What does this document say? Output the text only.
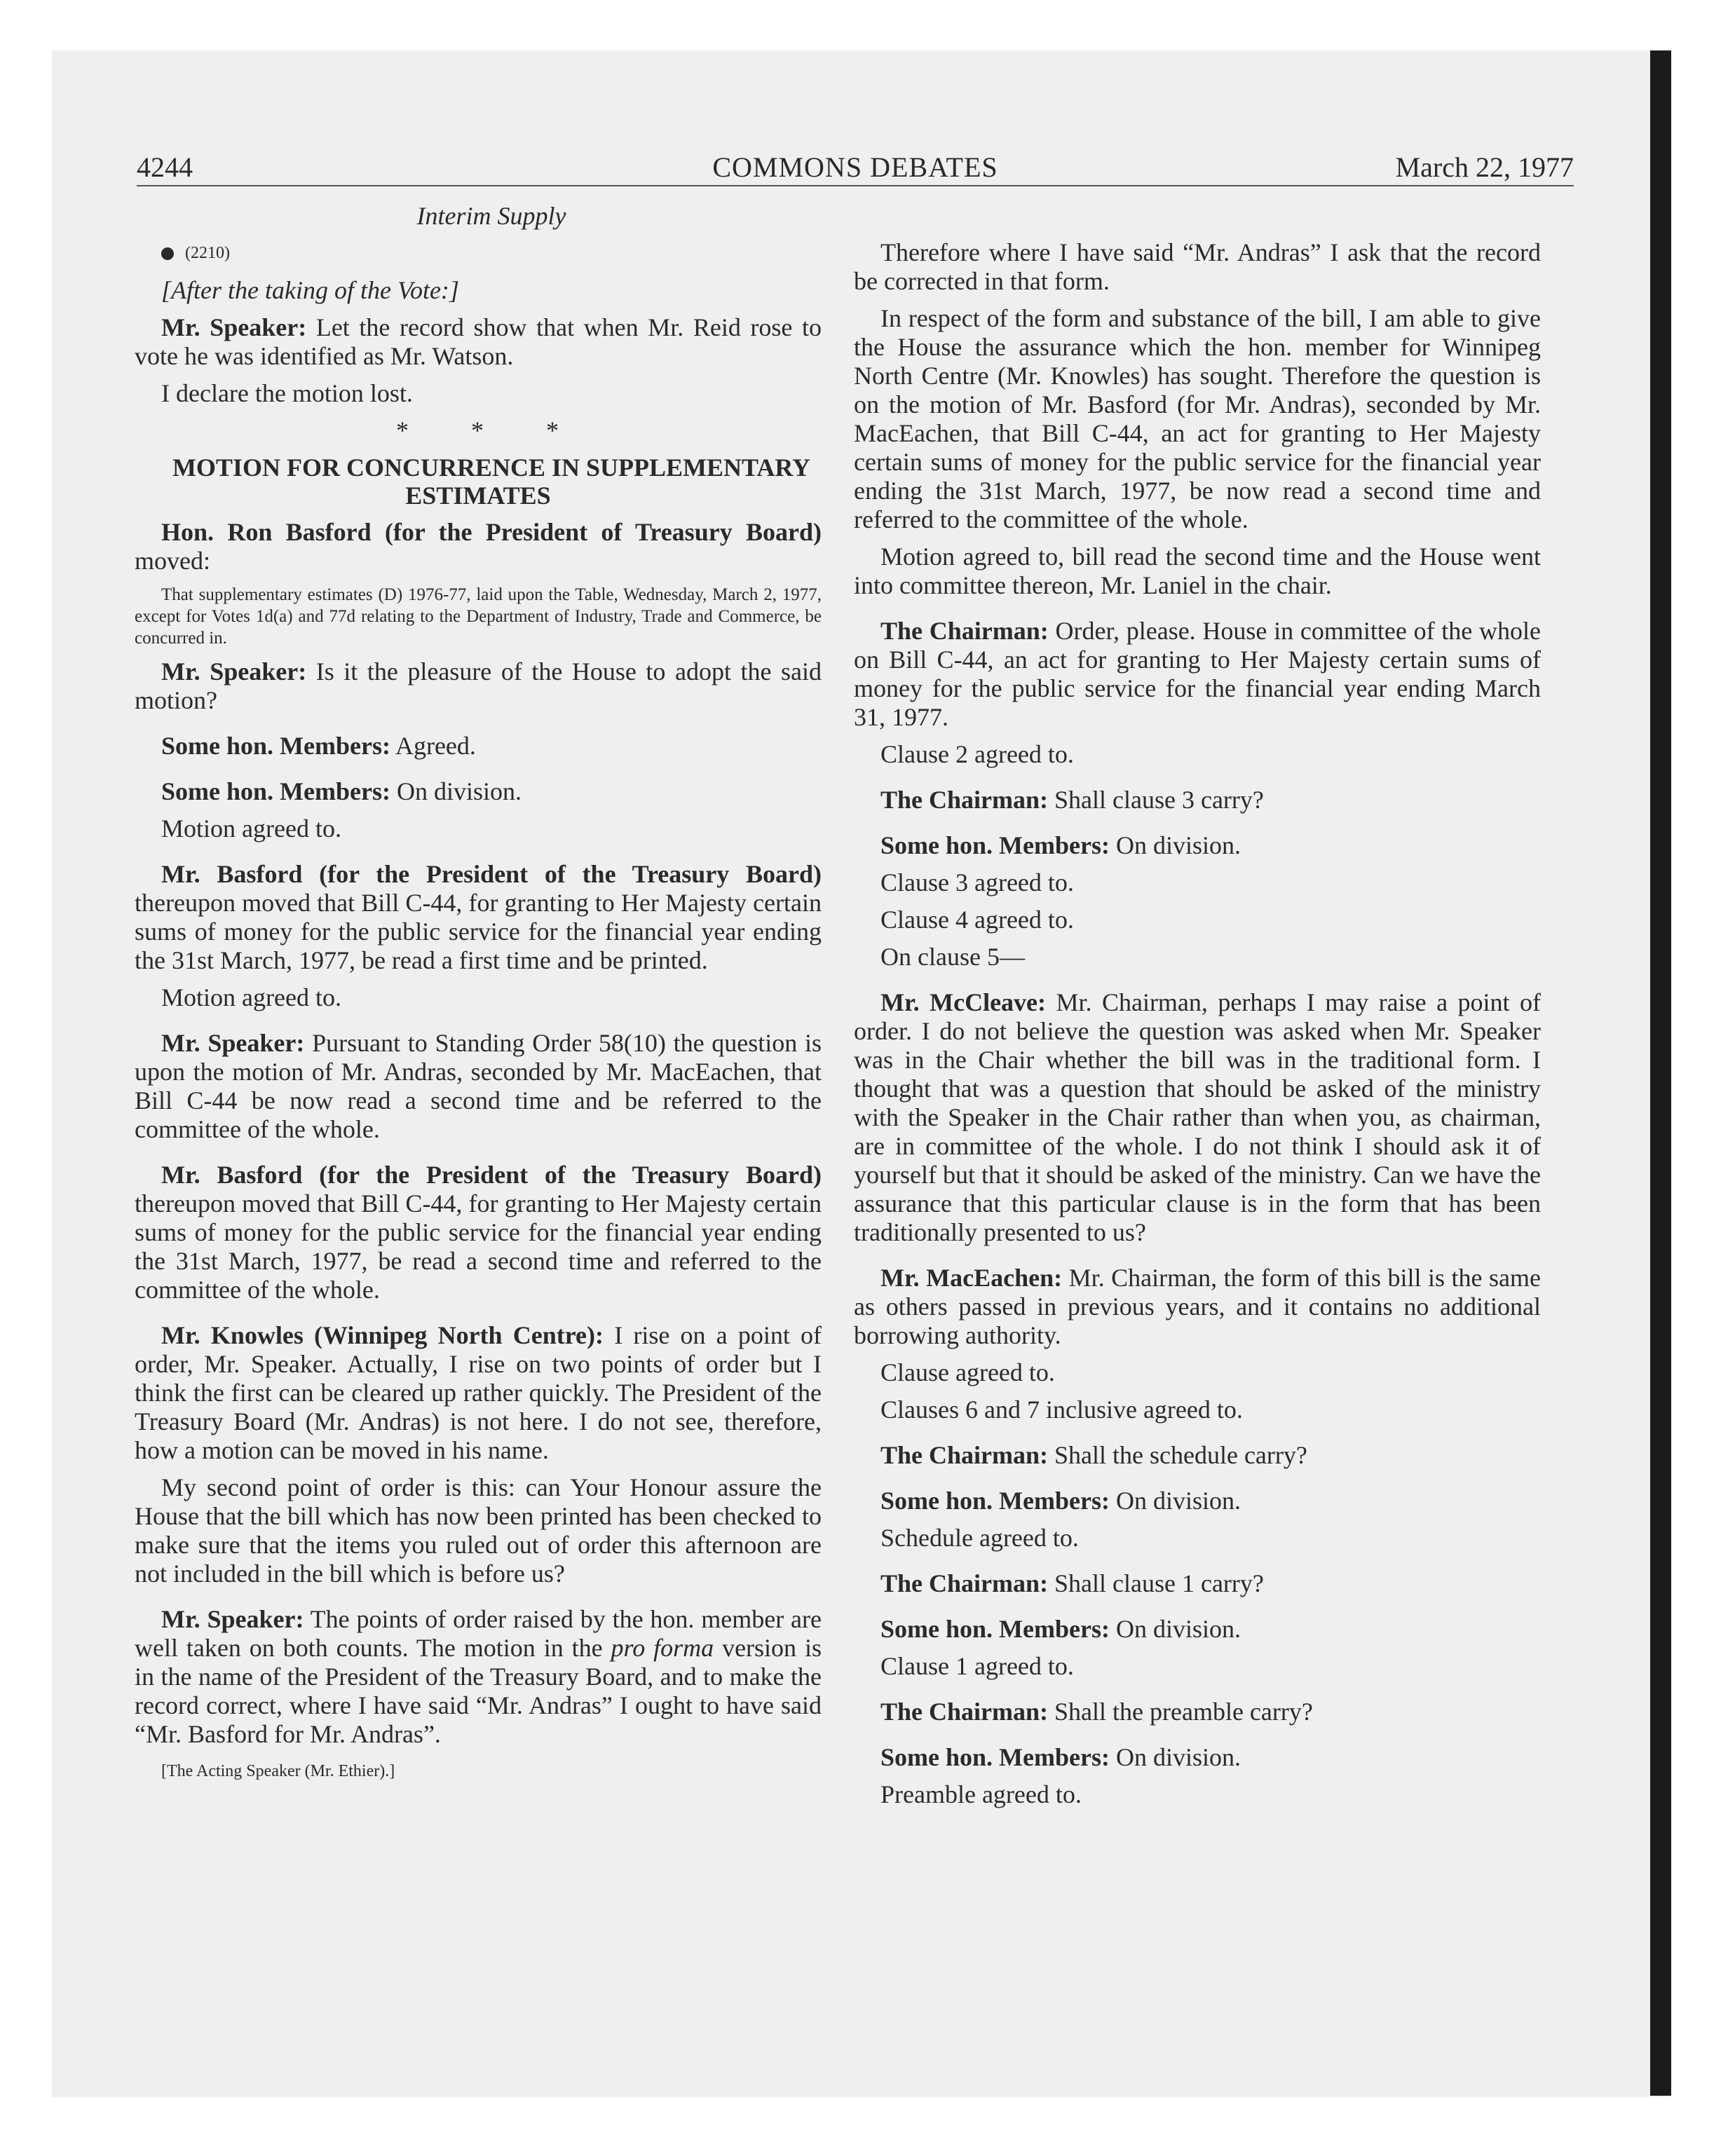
4244	COMMONS DEBATES	March 22, 1977

Interim Supply

(2210)

[After the taking of the Vote:]

Mr. Speaker: Let the record show that when Mr. Reid rose to vote he was identified as Mr. Watson.

I declare the motion lost.

* * *

MOTION FOR CONCURRENCE IN SUPPLEMENTARY ESTIMATES

Hon. Ron Basford (for the President of Treasury Board) moved:

That supplementary estimates (D) 1976-77, laid upon the Table, Wednesday, March 2, 1977, except for Votes 1d(a) and 77d relating to the Department of Industry, Trade and Commerce, be concurred in.

Mr. Speaker: Is it the pleasure of the House to adopt the said motion?

Some hon. Members: Agreed.

Some hon. Members: On division.

Motion agreed to.

Mr. Basford (for the President of the Treasury Board) thereupon moved that Bill C-44, for granting to Her Majesty certain sums of money for the public service for the financial year ending the 31st March, 1977, be read a first time and be printed.

Motion agreed to.

Mr. Speaker: Pursuant to Standing Order 58(10) the question is upon the motion of Mr. Andras, seconded by Mr. MacEachen, that Bill C-44 be now read a second time and be referred to the committee of the whole.

Mr. Basford (for the President of the Treasury Board) thereupon moved that Bill C-44, for granting to Her Majesty certain sums of money for the public service for the financial year ending the 31st March, 1977, be read a second time and referred to the committee of the whole.

Mr. Knowles (Winnipeg North Centre): I rise on a point of order, Mr. Speaker. Actually, I rise on two points of order but I think the first can be cleared up rather quickly. The President of the Treasury Board (Mr. Andras) is not here. I do not see, therefore, how a motion can be moved in his name.

My second point of order is this: can Your Honour assure the House that the bill which has now been printed has been checked to make sure that the items you ruled out of order this afternoon are not included in the bill which is before us?

Mr. Speaker: The points of order raised by the hon. member are well taken on both counts. The motion in the pro forma version is in the name of the President of the Treasury Board, and to make the record correct, where I have said “Mr. Andras” I ought to have said “Mr. Basford for Mr. Andras”.

[The Acting Speaker (Mr. Ethier).]

Therefore where I have said “Mr. Andras” I ask that the record be corrected in that form.

In respect of the form and substance of the bill, I am able to give the House the assurance which the hon. member for Winnipeg North Centre (Mr. Knowles) has sought. Therefore the question is on the motion of Mr. Basford (for Mr. Andras), seconded by Mr. MacEachen, that Bill C-44, an act for granting to Her Majesty certain sums of money for the public service for the financial year ending the 31st March, 1977, be now read a second time and referred to the committee of the whole.

Motion agreed to, bill read the second time and the House went into committee thereon, Mr. Laniel in the chair.

The Chairman: Order, please. House in committee of the whole on Bill C-44, an act for granting to Her Majesty certain sums of money for the public service for the financial year ending March 31, 1977.

Clause 2 agreed to.

The Chairman: Shall clause 3 carry?

Some hon. Members: On division.

Clause 3 agreed to.

Clause 4 agreed to.

On clause 5—

Mr. McCleave: Mr. Chairman, perhaps I may raise a point of order. I do not believe the question was asked when Mr. Speaker was in the Chair whether the bill was in the traditional form. I thought that was a question that should be asked of the ministry with the Speaker in the Chair rather than when you, as chairman, are in committee of the whole. I do not think I should ask it of yourself but that it should be asked of the ministry. Can we have the assurance that this particular clause is in the form that has been traditionally presented to us?

Mr. MacEachen: Mr. Chairman, the form of this bill is the same as others passed in previous years, and it contains no additional borrowing authority.

Clause agreed to.

Clauses 6 and 7 inclusive agreed to.

The Chairman: Shall the schedule carry?

Some hon. Members: On division.

Schedule agreed to.

The Chairman: Shall clause 1 carry?

Some hon. Members: On division.

Clause 1 agreed to.

The Chairman: Shall the preamble carry?

Some hon. Members: On division.

Preamble agreed to.
